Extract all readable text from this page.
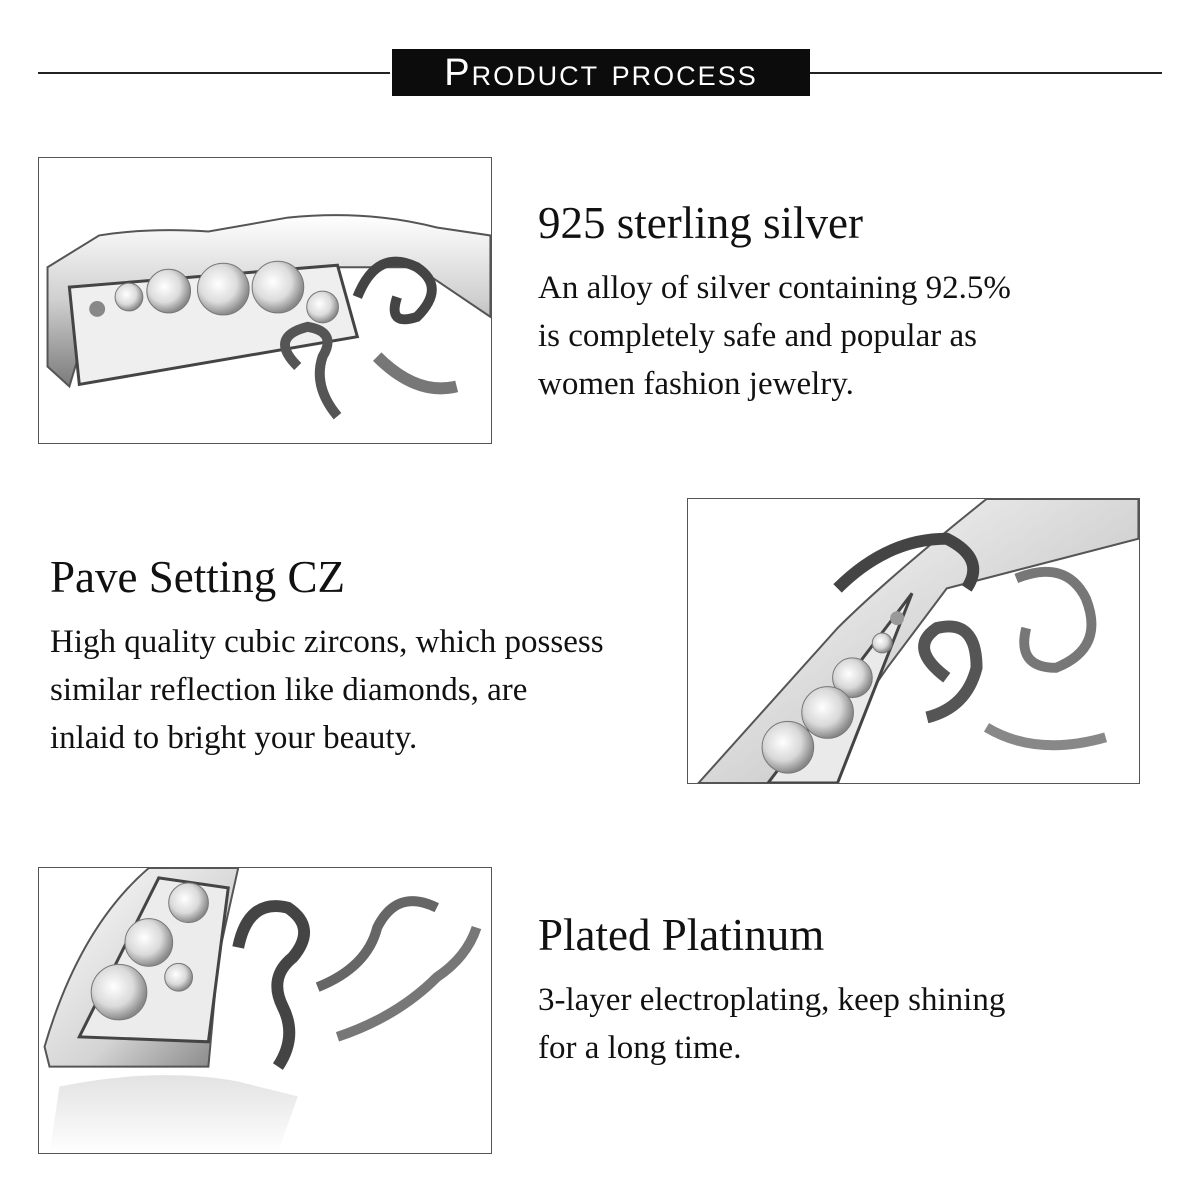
Product process
925 sterling silver

An alloy of silver containing 92.5%
is completely safe and popular as
women fashion jewelry.

Pave Setting CZ

High quality cubic zircons, which possess
similar reflection like diamonds, are
inlaid to bright your beauty.

Plated Platinum

3-layer electroplating, keep shining
for a long time.
